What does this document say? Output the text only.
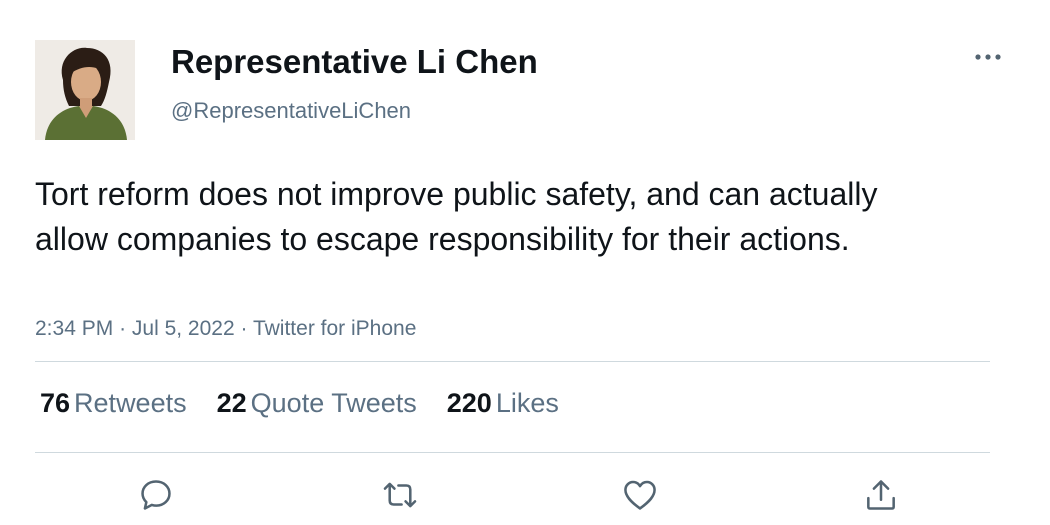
Representative Li Chen
@RepresentativeLiChen
Tort reform does not improve public safety, and can actually allow companies to escape responsibility for their actions.
2:34 PM · Jul 5, 2022 · Twitter for iPhone
76 Retweets 22 Quote Tweets 220 Likes
